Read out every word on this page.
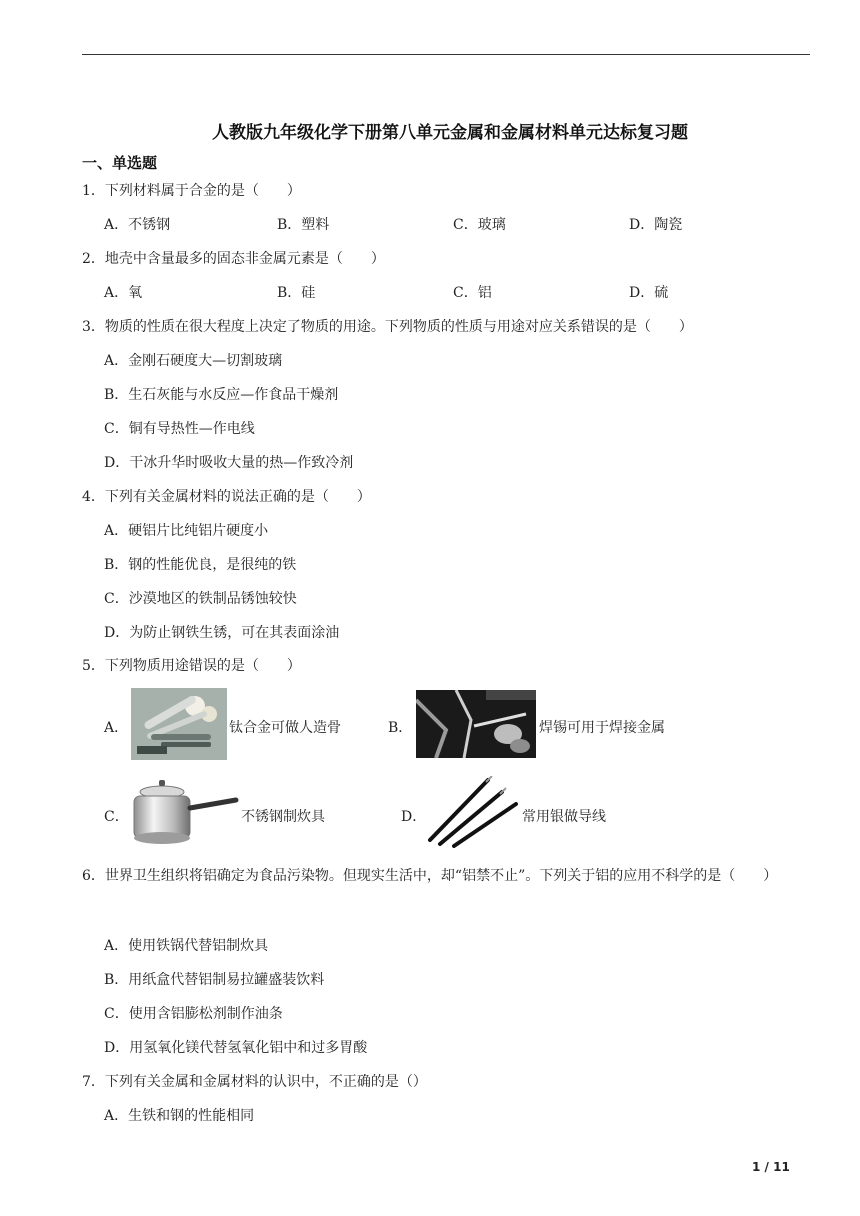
人教版九年级化学下册第八单元金属和金属材料单元达标复习题
一、单选题
1．下列材料属于合金的是（　　）
A．不锈钢	B．塑料	C．玻璃	D．陶瓷
2．地壳中含量最多的固态非金属元素是（　　）
A．氧	B．硅	C．铝	D．硫
3．物质的性质在很大程度上决定了物质的用途。下列物质的性质与用途对应关系错误的是（　　）
A．金刚石硬度大—切割玻璃
B．生石灰能与水反应—作食品干燥剂
C．铜有导热性—作电线
D．干冰升华时吸收大量的热—作致冷剂
4．下列有关金属材料的说法正确的是（　　）
A．硬铝片比纯铝片硬度小
B．钢的性能优良，是很纯的铁
C．沙漠地区的铁制品锈蚀较快
D．为防止钢铁生锈，可在其表面涂油
5．下列物质用途错误的是（　　）
A．	钛合金可做人造骨	B．	焊锡可用于焊接金属
C．	不锈钢制炊具	D．	常用银做导线
6．世界卫生组织将铝确定为食品污染物。但现实生活中，却“铝禁不止”。下列关于铝的应用不科学的是（　　）
A．使用铁锅代替铝制炊具
B．用纸盒代替铝制易拉罐盛装饮料
C．使用含铝膨松剂制作油条
D．用氢氧化镁代替氢氧化铝中和过多胃酸
7．下列有关金属和金属材料的认识中，不正确的是（）
A．生铁和钢的性能相同
1 / 11
